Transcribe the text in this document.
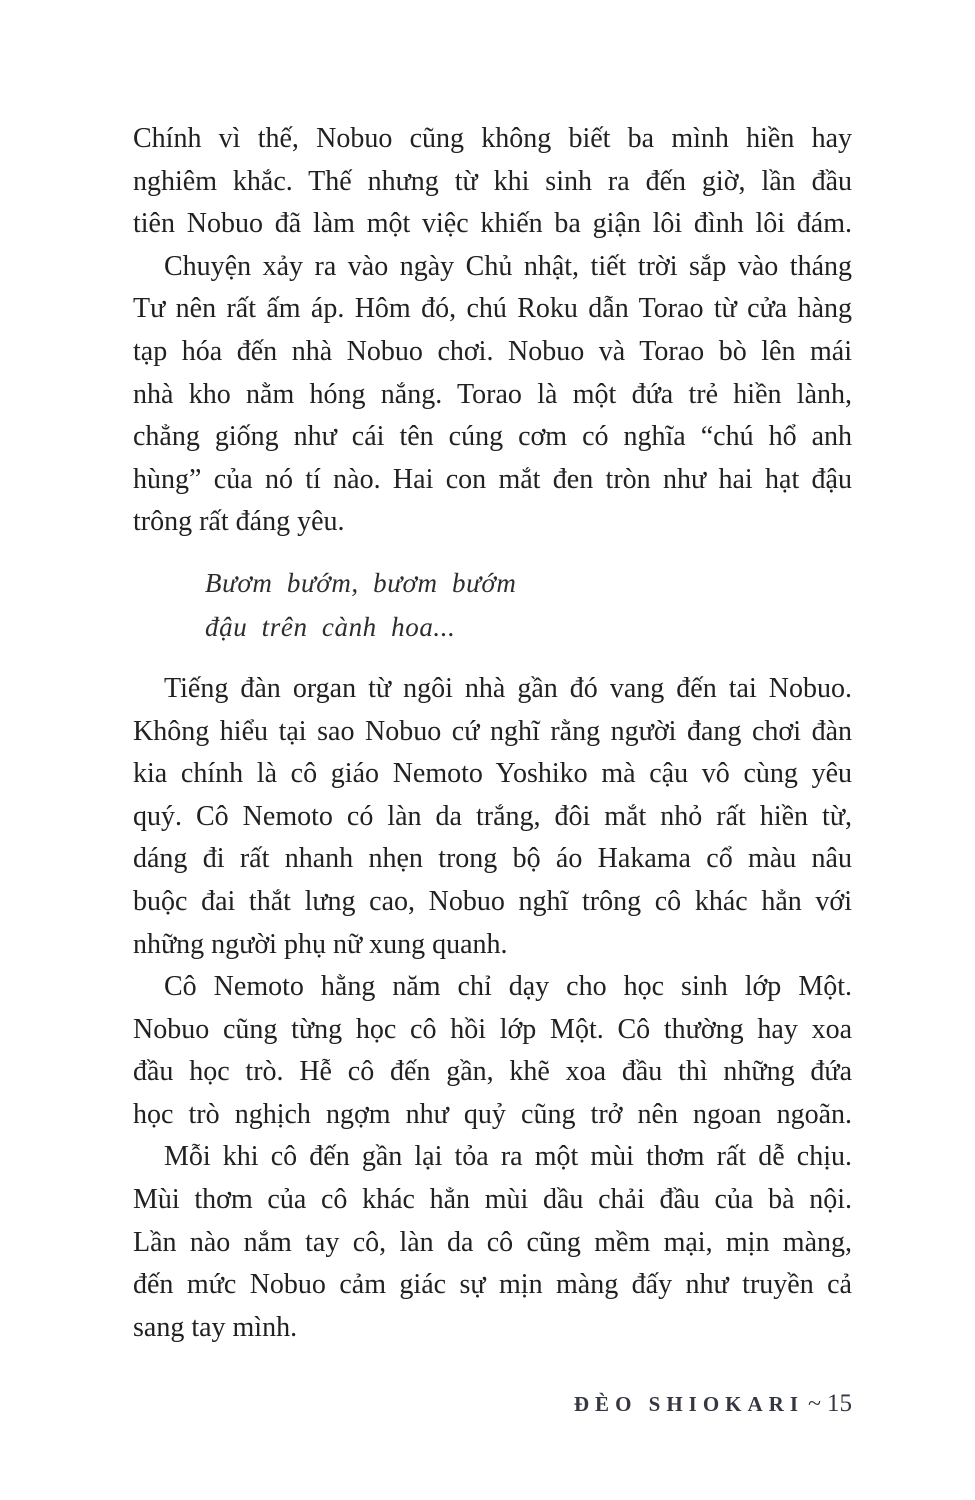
Chính vì thế, Nobuo cũng không biết ba mình hiền hay
nghiêm khắc. Thế nhưng từ khi sinh ra đến giờ, lần đầu
tiên Nobuo đã làm một việc khiến ba giận lôi đình lôi đám.
Chuyện xảy ra vào ngày Chủ nhật, tiết trời sắp vào tháng
Tư nên rất ấm áp. Hôm đó, chú Roku dẫn Torao từ cửa hàng
tạp hóa đến nhà Nobuo chơi. Nobuo và Torao bò lên mái
nhà kho nằm hóng nắng. Torao là một đứa trẻ hiền lành,
chẳng giống như cái tên cúng cơm có nghĩa “chú hổ anh
hùng” của nó tí nào. Hai con mắt đen tròn như hai hạt đậu
trông rất đáng yêu.
Bươm bướm, bươm bướm
đậu trên cành hoa...
Tiếng đàn organ từ ngôi nhà gần đó vang đến tai Nobuo.
Không hiểu tại sao Nobuo cứ nghĩ rằng người đang chơi đàn
kia chính là cô giáo Nemoto Yoshiko mà cậu vô cùng yêu
quý. Cô Nemoto có làn da trắng, đôi mắt nhỏ rất hiền từ,
dáng đi rất nhanh nhẹn trong bộ áo Hakama cổ màu nâu
buộc đai thắt lưng cao, Nobuo nghĩ trông cô khác hẳn với
những người phụ nữ xung quanh.
Cô Nemoto hằng năm chỉ dạy cho học sinh lớp Một.
Nobuo cũng từng học cô hồi lớp Một. Cô thường hay xoa
đầu học trò. Hễ cô đến gần, khẽ xoa đầu thì những đứa
học trò nghịch ngợm như quỷ cũng trở nên ngoan ngoãn.
Mỗi khi cô đến gần lại tỏa ra một mùi thơm rất dễ chịu.
Mùi thơm của cô khác hẳn mùi dầu chải đầu của bà nội.
Lần nào nắm tay cô, làn da cô cũng mềm mại, mịn màng,
đến mức Nobuo cảm giác sự mịn màng đấy như truyền cả
sang tay mình.
ĐÈO SHIOKARI ~ 15
